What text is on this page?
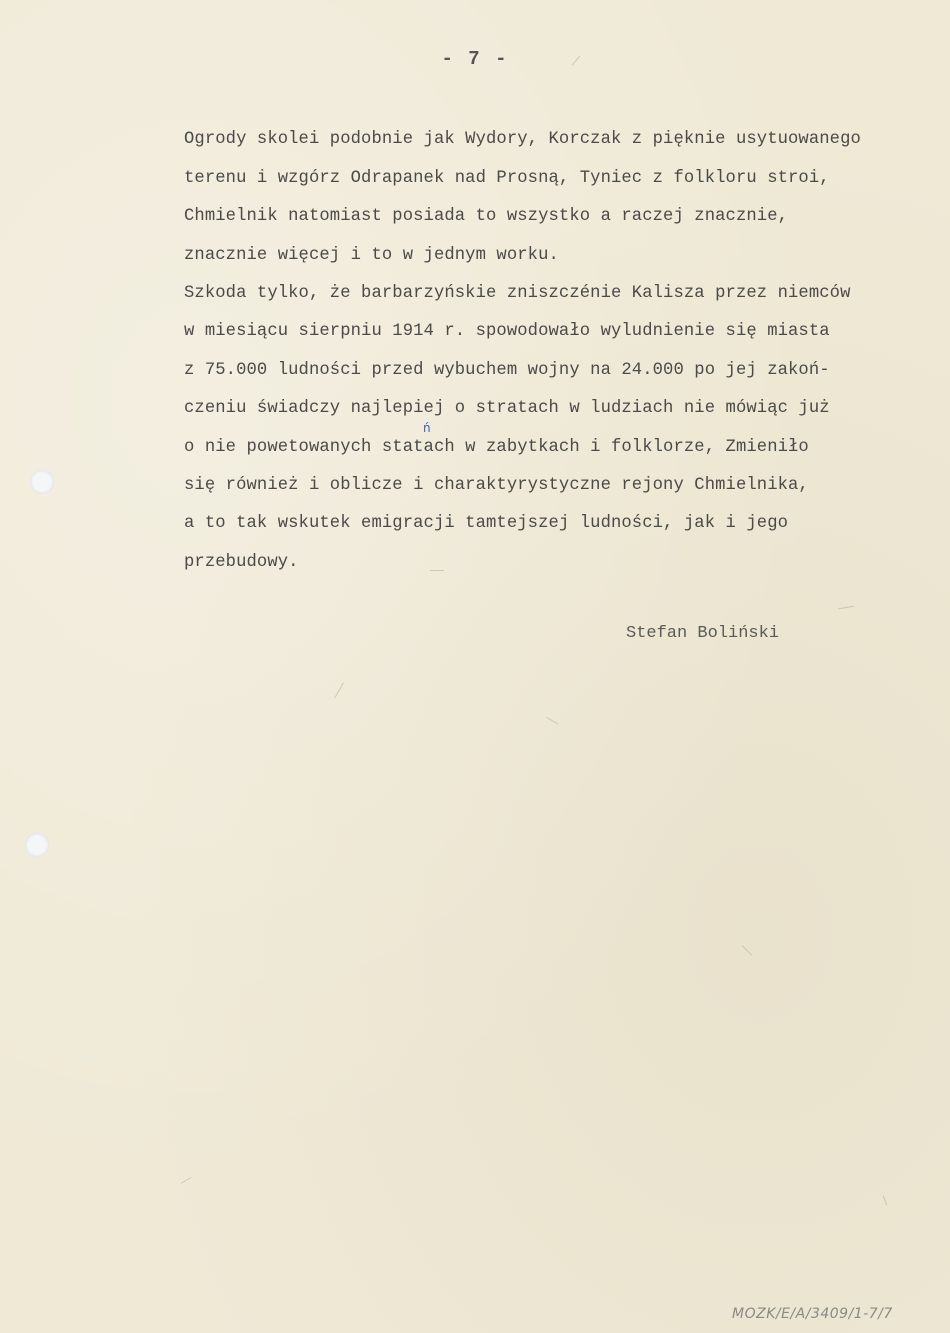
- 7 -
Ogrody skolei podobnie jak Wydory, Korczak z pięknie usytuowanego
terenu i wzgórz Odrapanek nad Prosną, Tyniec z folkloru stroi,
Chmielnik natomiast posiada to wszystko a raczej znacznie,
znacznie więcej i to w jednym worku.
Szkoda tylko, że barbarzyńskie zniszczénie Kalisza przez niemców
w miesiącu sierpniu 1914 r. spowodowało wyludnienie się miasta
z 75.000 ludności przed wybuchem wojny na 24.000 po jej zakoń-
czeniu świadczy najlepiej o stratach w ludziach nie mówiąc już
o nie powetowanych statach w zabytkach i folklorze, Zmieniło
się również i oblicze i charaktyrystyczne rejony Chmielnika,
a to tak wskutek emigracji tamtejszej ludności, jak i jego
przebudowy.
ń
Stefan Boliński
MOZK/E/A/3409/1-7/7
